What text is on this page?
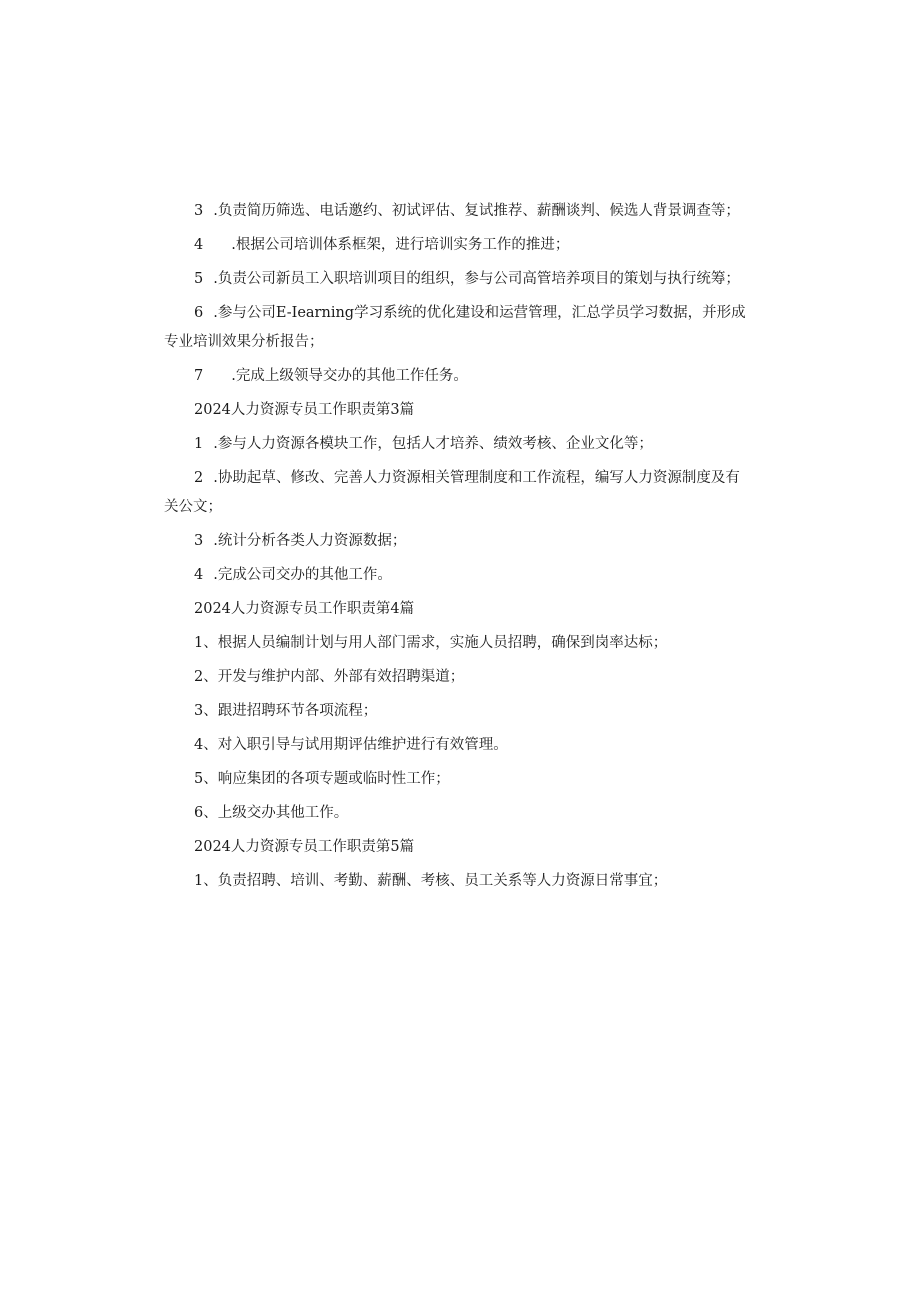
3 .负责简历筛选、电话邀约、初试评估、复试推荐、薪酬谈判、候选人背景调查等；

4 .根据公司培训体系框架，进行培训实务工作的推进；

5 .负责公司新员工入职培训项目的组织，参与公司高管培养项目的策划与执行统筹；

6 .参与公司E-Iearning学习系统的优化建设和运营管理，汇总学员学习数据，并形成专业培训效果分析报告；

7 .完成上级领导交办的其他工作任务。

2024人力资源专员工作职责第3篇

1 .参与人力资源各模块工作，包括人才培养、绩效考核、企业文化等；

2 .协助起草、修改、完善人力资源相关管理制度和工作流程，编写人力资源制度及有关公文；

3 .统计分析各类人力资源数据；

4 .完成公司交办的其他工作。

2024人力资源专员工作职责第4篇

1、根据人员编制计划与用人部门需求，实施人员招聘，确保到岗率达标；

2、开发与维护内部、外部有效招聘渠道；

3、跟进招聘环节各项流程；

4、对入职引导与试用期评估维护进行有效管理。

5、响应集团的各项专题或临时性工作；

6、上级交办其他工作。

2024人力资源专员工作职责第5篇

1、负责招聘、培训、考勤、薪酬、考核、员工关系等人力资源日常事宜；
